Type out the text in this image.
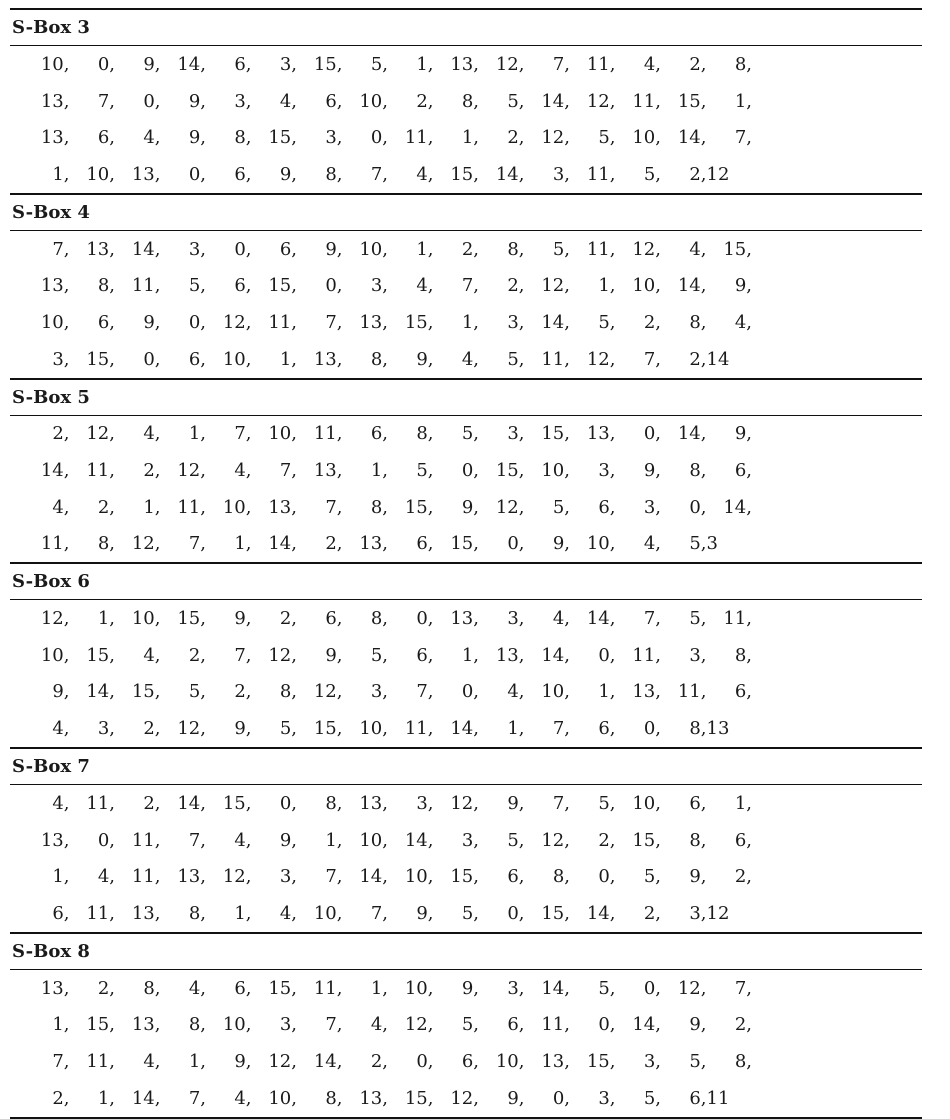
S-Box 3
10,	0,	9, 14,	6,	3, 15,	5,	1, 13, 12,	7, 11,	4,	2,	8,
13,	7,	0,	9,	3,	4,	6, 10,	2,	8,	5, 14, 12, 11, 15,	1,
13,	6,	4,	9,	8, 15,	3,	0, 11,	1,	2, 12,	5, 10, 14,	7,
1, 10, 13,	0,	6,	9,	8,	7,	4, 15, 14,	3, 11,	5,	2, 12
S-Box 4
7, 13, 14,	3,	0,	6,	9, 10,	1,	2,	8,	5, 11, 12,	4, 15,
13,	8, 11,	5,	6, 15,	0,	3,	4,	7,	2, 12,	1, 10, 14,	9,
10,	6,	9,	0, 12, 11,	7, 13, 15,	1,	3, 14,	5,	2,	8,	4,
3, 15,	0,	6, 10,	1, 13,	8,	9,	4,	5, 11, 12,	7,	2, 14
S-Box 5
2, 12,	4,	1,	7, 10, 11,	6,	8,	5,	3, 15, 13,	0, 14,	9,
14, 11,	2, 12,	4,	7, 13,	1,	5,	0, 15, 10,	3,	9,	8,	6,
4,	2,	1, 11, 10, 13,	7,	8, 15,	9, 12,	5,	6,	3,	0, 14,
11,	8, 12,	7,	1, 14,	2, 13,	6, 15,	0,	9, 10,	4,	5, 3
S-Box 6
12,	1, 10, 15,	9,	2,	6,	8,	0, 13,	3,	4, 14,	7,	5, 11,
10, 15,	4,	2,	7, 12,	9,	5,	6,	1, 13, 14,	0, 11,	3,	8,
9, 14, 15,	5,	2,	8, 12,	3,	7,	0,	4, 10,	1, 13, 11,	6,
4,	3,	2, 12,	9,	5, 15, 10, 11, 14,	1,	7,	6,	0,	8, 13
S-Box 7
4, 11,	2, 14, 15,	0,	8, 13,	3, 12,	9,	7,	5, 10,	6,	1,
13,	0, 11,	7,	4,	9,	1, 10, 14,	3,	5, 12,	2, 15,	8,	6,
1,	4, 11, 13, 12,	3,	7, 14, 10, 15,	6,	8,	0,	5,	9,	2,
6, 11, 13,	8,	1,	4, 10,	7,	9,	5,	0, 15, 14,	2,	3, 12
S-Box 8
13,	2,	8,	4,	6, 15, 11,	1, 10,	9,	3, 14,	5,	0, 12,	7,
1, 15, 13,	8, 10,	3,	7,	4, 12,	5,	6, 11,	0, 14,	9,	2,
7, 11,	4,	1,	9, 12, 14,	2,	0,	6, 10, 13, 15,	3,	5,	8,
2,	1, 14,	7,	4, 10,	8, 13, 15, 12,	9,	0,	3,	5,	6, 11
